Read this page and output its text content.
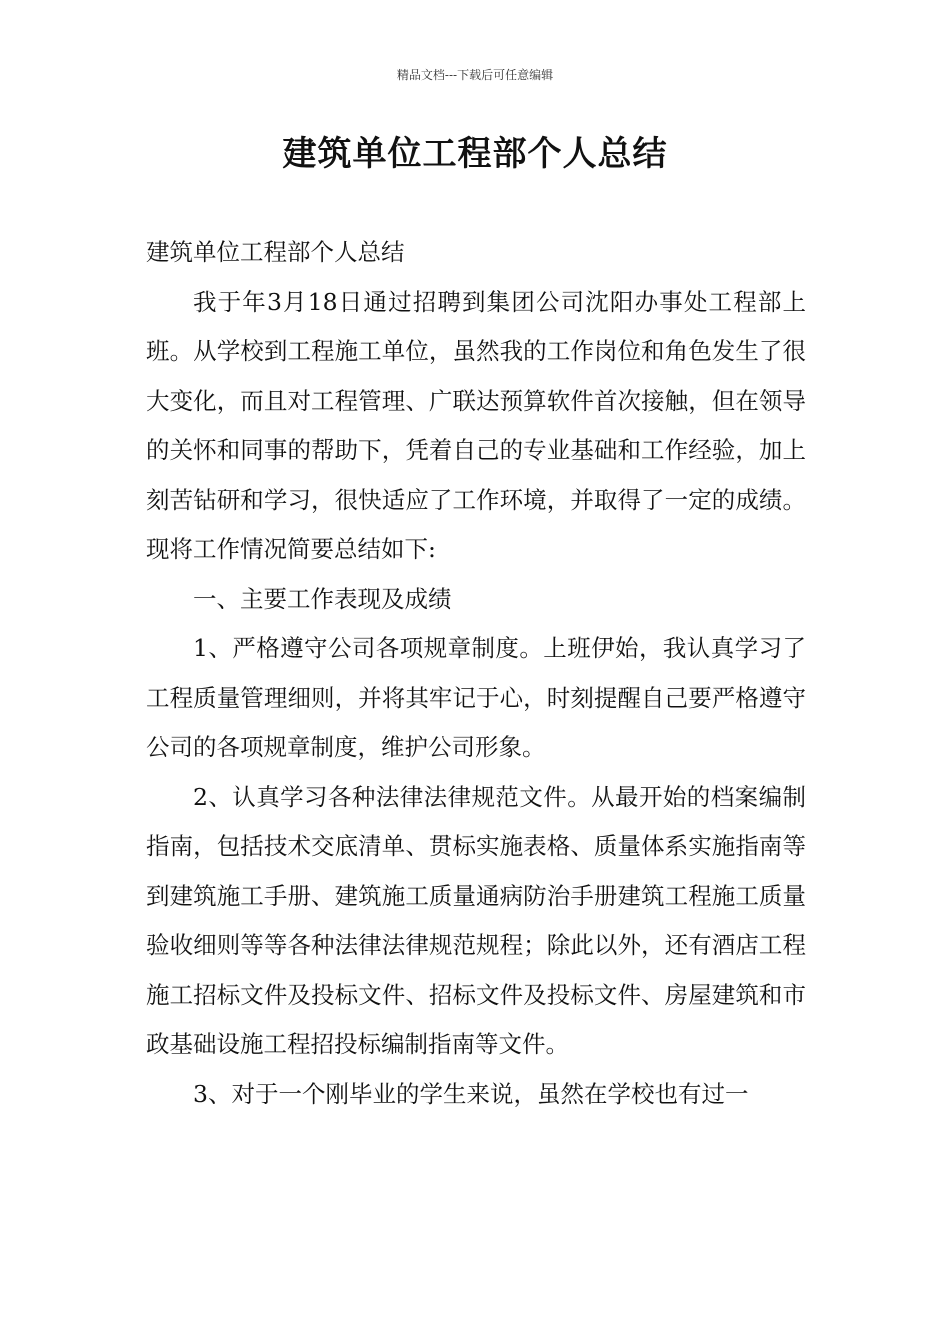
精品文档---下载后可任意编辑
建筑单位工程部个人总结

建筑单位工程部个人总结

我于年3月18日通过招聘到集团公司沈阳办事处工程部上班。从学校到工程施工单位，虽然我的工作岗位和角色发生了很大变化，而且对工程管理、广联达预算软件首次接触，但在领导的关怀和同事的帮助下，凭着自己的专业基础和工作经验，加上刻苦钻研和学习，很快适应了工作环境，并取得了一定的成绩。现将工作情况简要总结如下:

一、主要工作表现及成绩

1、严格遵守公司各项规章制度。上班伊始，我认真学习了工程质量管理细则，并将其牢记于心，时刻提醒自己要严格遵守公司的各项规章制度，维护公司形象。

2、认真学习各种法律法律规范文件。从最开始的档案编制指南，包括技术交底清单、贯标实施表格、质量体系实施指南等到建筑施工手册、建筑施工质量通病防治手册建筑工程施工质量验收细则等等各种法律法律规范规程；除此以外，还有酒店工程施工招标文件及投标文件、招标文件及投标文件、房屋建筑和市政基础设施工程招投标编制指南等文件。

3、对于一个刚毕业的学生来说，虽然在学校也有过一
